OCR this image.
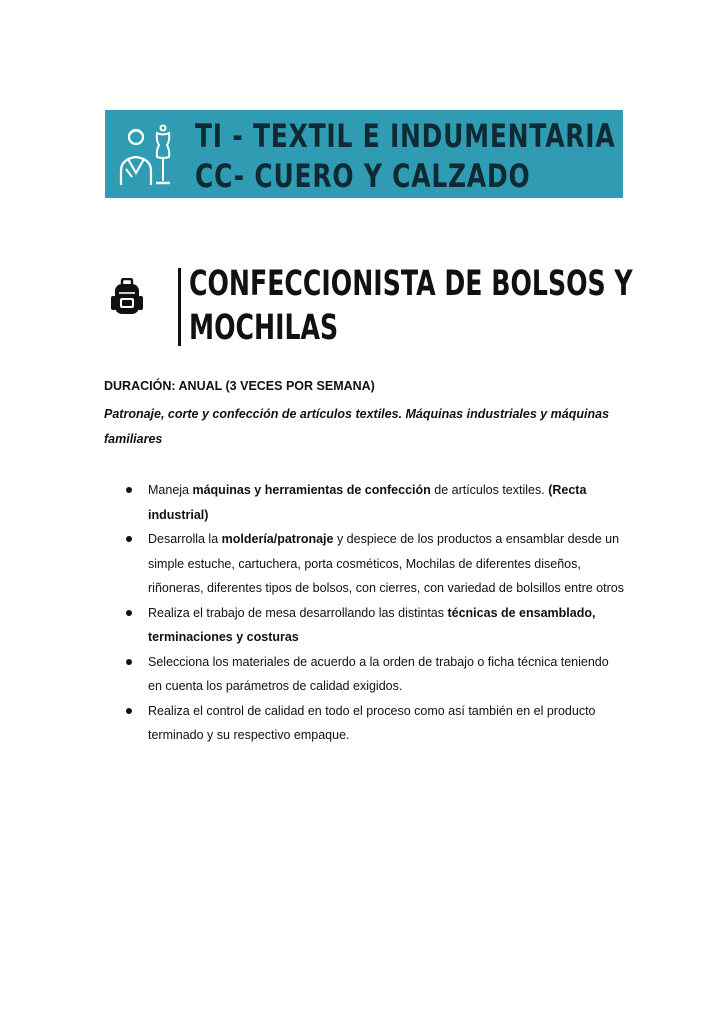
TI - TEXTIL E INDUMENTARIA
CC- CUERO Y CALZADO
CONFECCIONISTA DE BOLSOS Y
MOCHILAS
DURACIÓN: ANUAL (3 VECES POR SEMANA)
Patronaje, corte y confección de artículos textiles. Máquinas industriales y máquinas familiares
Maneja máquinas y herramientas de confección de artículos textiles. (Recta industrial)
Desarrolla la moldería/patronaje y despiece de los productos a ensamblar desde un simple estuche, cartuchera, porta cosméticos, Mochilas de diferentes diseños, riñoneras, diferentes tipos de bolsos, con cierres, con variedad de bolsillos entre otros
Realiza el trabajo de mesa desarrollando las distintas técnicas de ensamblado, terminaciones y costuras
Selecciona los materiales de acuerdo a la orden de trabajo o ficha técnica teniendo en cuenta los parámetros de calidad exigidos.
Realiza el control de calidad en todo el proceso como así también en el producto terminado y su respectivo empaque.
